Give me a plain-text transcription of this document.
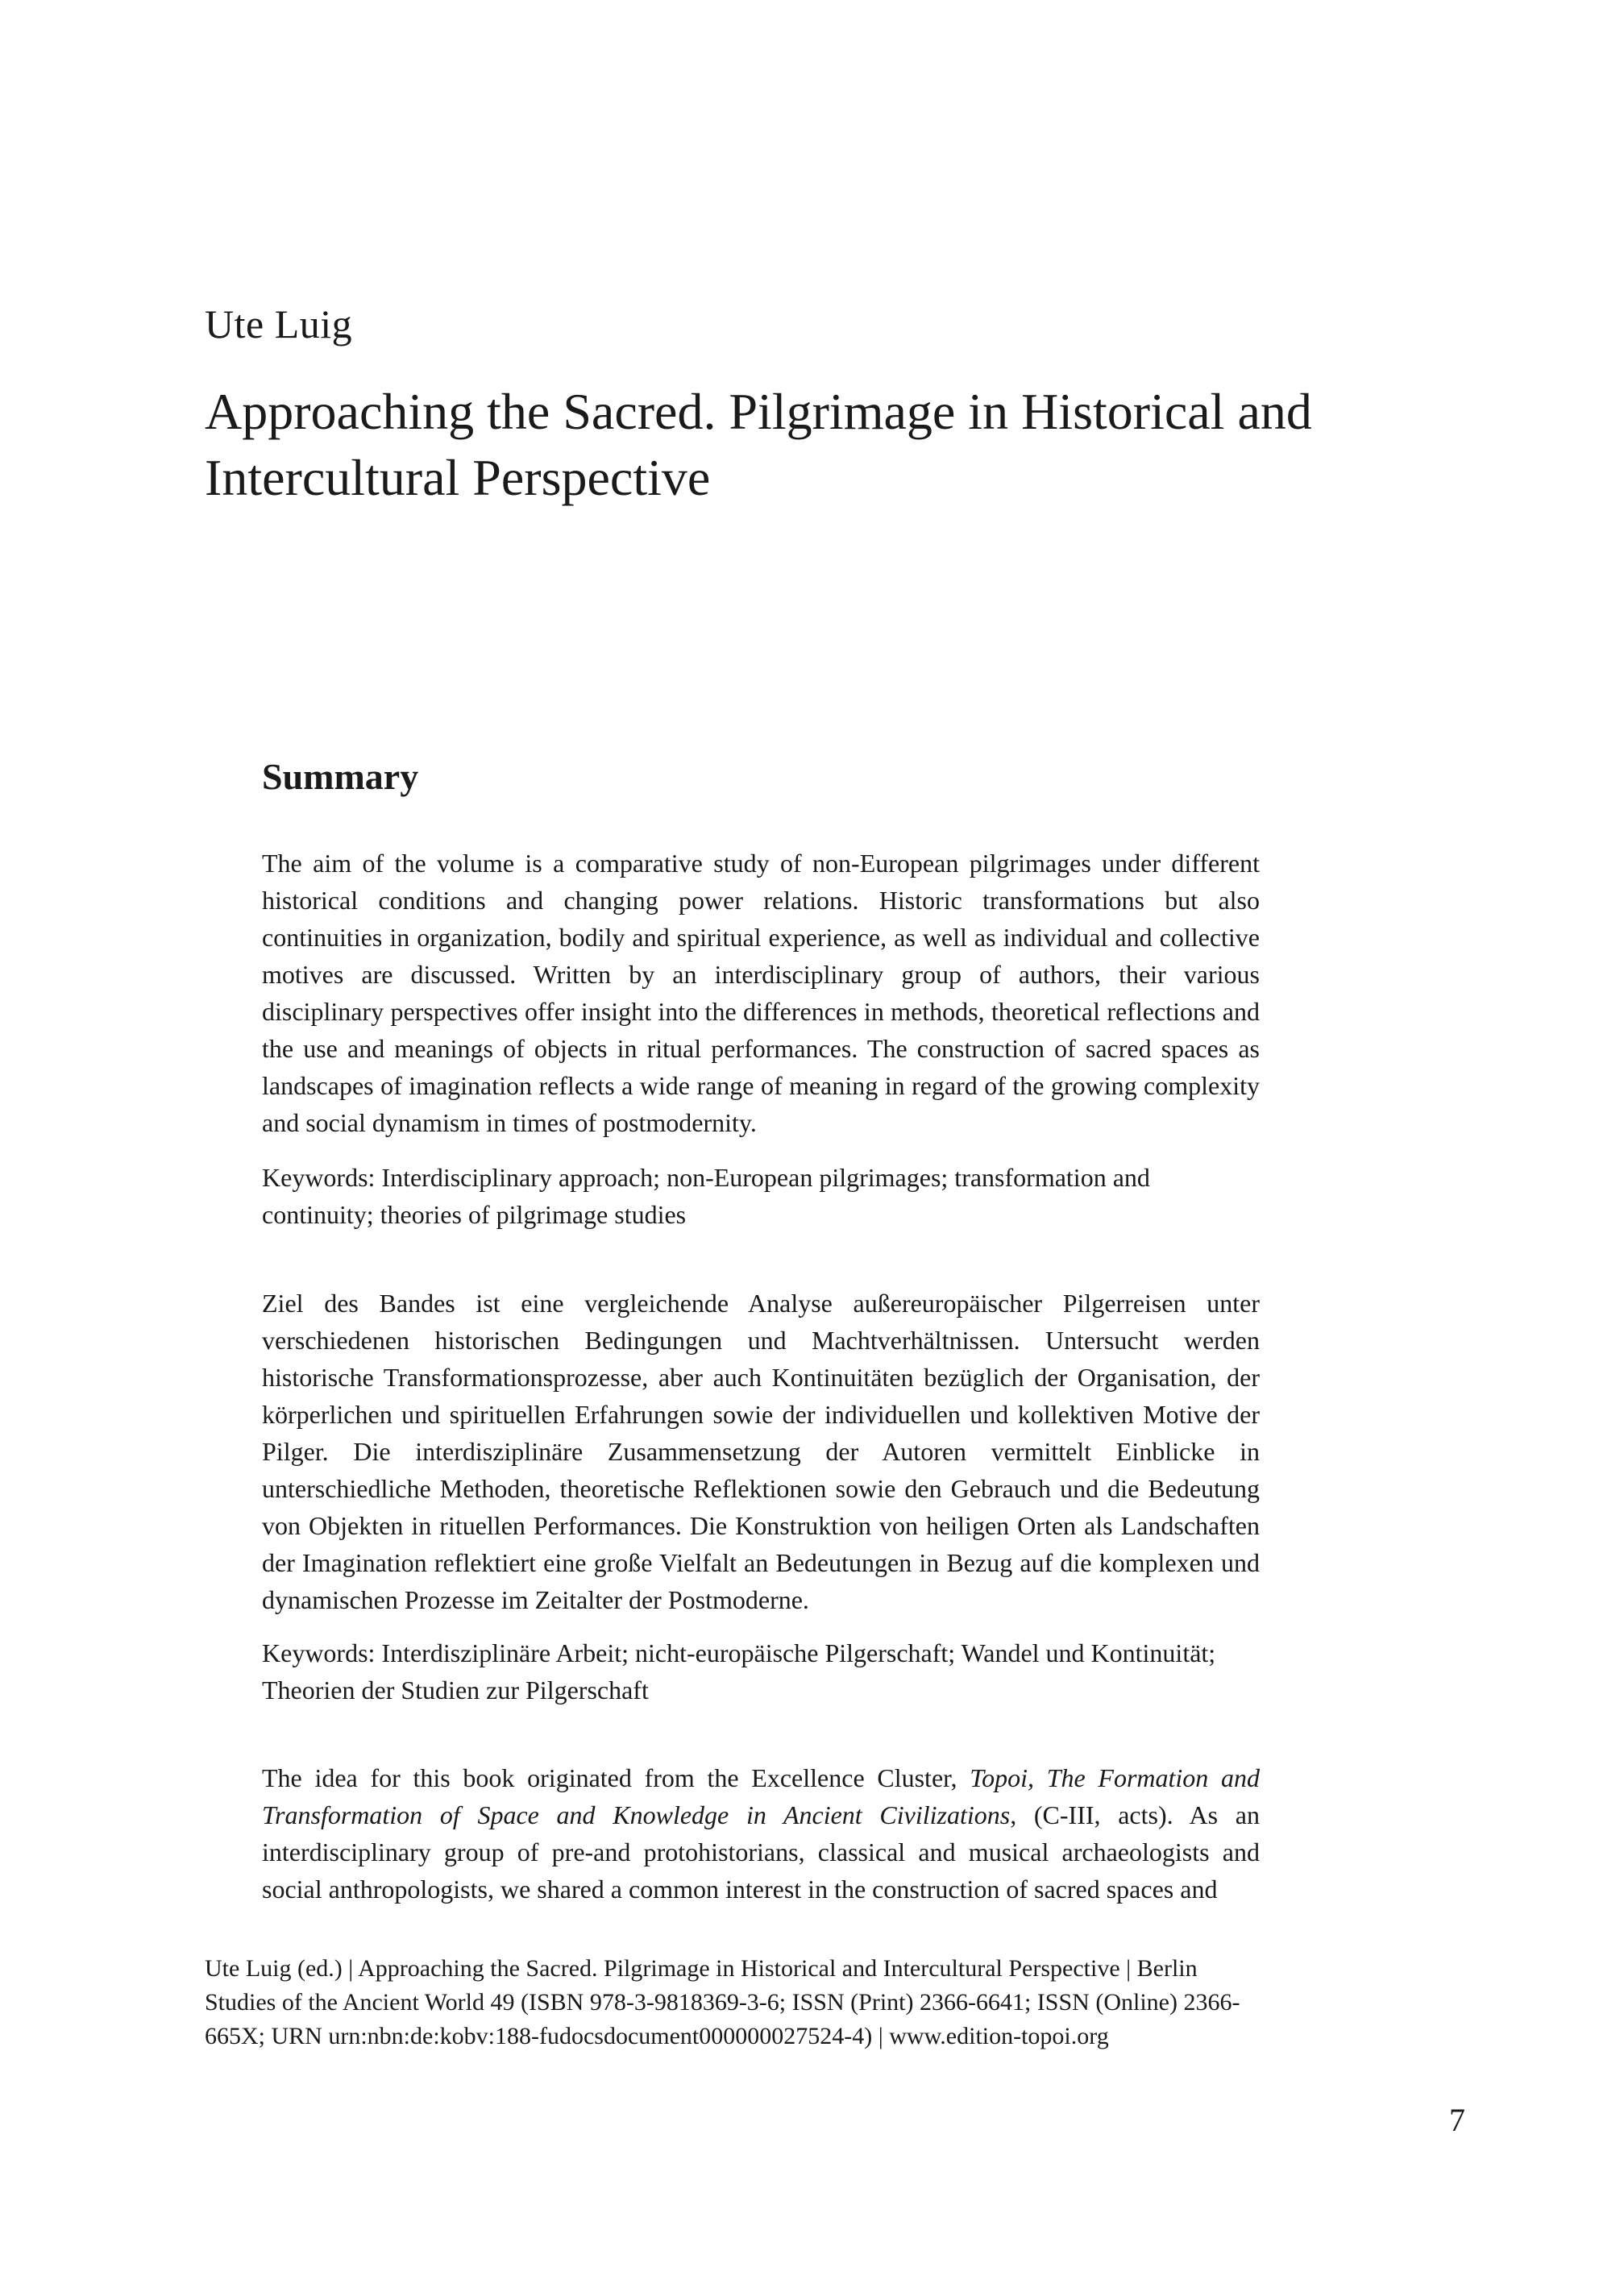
Ute Luig
Approaching the Sacred. Pilgrimage in Historical and Intercultural Perspective
Summary

The aim of the volume is a comparative study of non-European pilgrimages under different historical conditions and changing power relations. Historic transformations but also continuities in organization, bodily and spiritual experience, as well as individual and collective motives are discussed. Written by an interdisciplinary group of authors, their various disciplinary perspectives offer insight into the differences in methods, theoretical reflections and the use and meanings of objects in ritual performances. The construction of sacred spaces as landscapes of imagination reflects a wide range of meaning in regard of the growing complexity and social dynamism in times of postmodernity.

Keywords: Interdisciplinary approach; non-European pilgrimages; transformation and continuity; theories of pilgrimage studies

Ziel des Bandes ist eine vergleichende Analyse außereuropäischer Pilgerreisen unter verschiedenen historischen Bedingungen und Machtverhältnissen. Untersucht werden historische Transformationsprozesse, aber auch Kontinuitäten bezüglich der Organisation, der körperlichen und spirituellen Erfahrungen sowie der individuellen und kollektiven Motive der Pilger. Die interdisziplinäre Zusammensetzung der Autoren vermittelt Einblicke in unterschiedliche Methoden, theoretische Reflektionen sowie den Gebrauch und die Bedeutung von Objekten in rituellen Performances. Die Konstruktion von heiligen Orten als Landschaften der Imagination reflektiert eine große Vielfalt an Bedeutungen in Bezug auf die komplexen und dynamischen Prozesse im Zeitalter der Postmoderne.

Keywords: Interdisziplinäre Arbeit; nicht-europäische Pilgerschaft; Wandel und Kontinuität; Theorien der Studien zur Pilgerschaft

The idea for this book originated from the Excellence Cluster, Topoi, The Formation and Transformation of Space and Knowledge in Ancient Civilizations, (C-III, acts). As an interdisciplinary group of pre-and protohistorians, classical and musical archaeologists and social anthropologists, we shared a common interest in the construction of sacred spaces and

Ute Luig (ed.) | Approaching the Sacred. Pilgrimage in Historical and Intercultural Perspective | Berlin Studies of the Ancient World 49 (ISBN 978-3-9818369-3-6; ISSN (Print) 2366-6641; ISSN (Online) 2366-665X; URN urn:nbn:de:kobv:188-fudocsdocument000000027524-4) | www.edition-topoi.org

7
